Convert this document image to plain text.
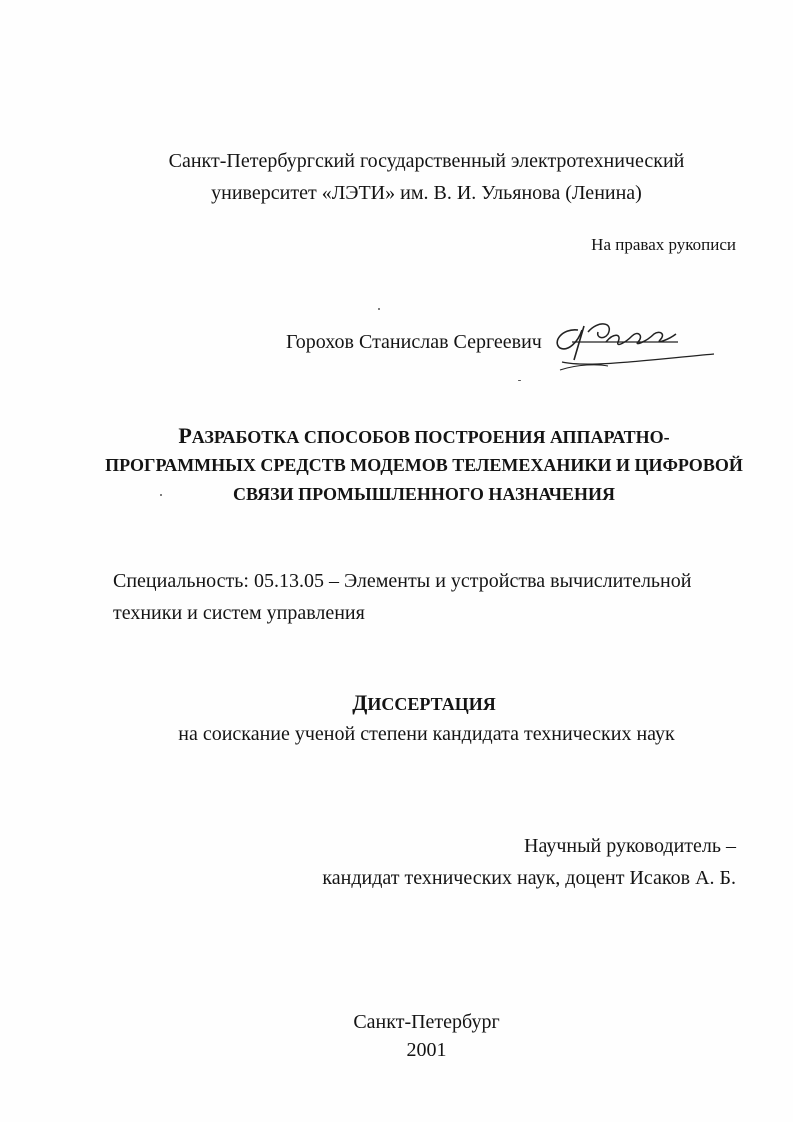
Санкт-Петербургский государственный электротехнический
университет «ЛЭТИ» им. В. И. Ульянова (Ленина)
На правах рукописи
Горохов Станислав Сергеевич
РАЗРАБОТКА СПОСОБОВ ПОСТРОЕНИЯ АППАРАТНО-
ПРОГРАММНЫХ СРЕДСТВ МОДЕМОВ ТЕЛЕМЕХАНИКИ И ЦИФРОВОЙ
СВЯЗИ ПРОМЫШЛЕННОГО НАЗНАЧЕНИЯ
Специальность: 05.13.05 – Элементы и устройства вычислительной
техники и систем управления
ДИССЕРТАЦИЯ
на соискание ученой степени кандидата технических наук
Научный руководитель –
кандидат технических наук, доцент Исаков А. Б.
Санкт-Петербург
2001
